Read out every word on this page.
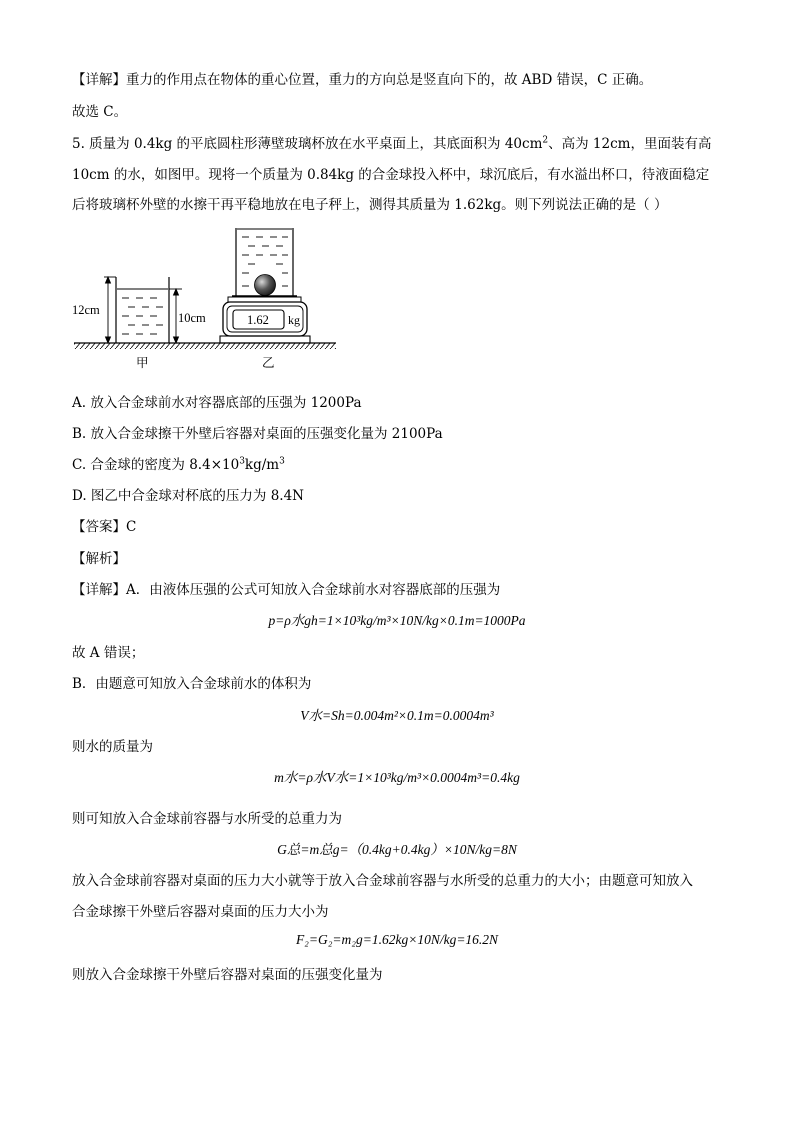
【详解】重力的作用点在物体的重心位置，重力的方向总是竖直向下的，故 ABD 错误，C 正确。
故选 C。
5. 质量为 0.4kg 的平底圆柱形薄壁玻璃杯放在水平桌面上，其底面积为 $40cm^2$、高为 12cm，里面装有高
10cm 的水，如图甲。现将一个质量为 0.84kg 的合金球投入杯中，球沉底后，有水溢出杯口，待液面稳定
后将玻璃杯外壁的水擦干再平稳地放在电子秤上，测得其质量为 1.62kg。则下列说法正确的是（ ）
12cm
10cm
甲
1.62 kg
乙
A. 放入合金球前水对容器底部的压强为 1200Pa
B. 放入合金球擦干外壁后容器对桌面的压强变化量为 2100Pa
C. 合金球的密度为 $8.4\times 10^3kg/m^3$
D. 图乙中合金球对杯底的压力为 8.4N
【答案】C
【解析】
【详解】A．由液体压强的公式可知放入合金球前水对容器底部的压强为
p=ρ水gh=1×10³kg/m³×10N/kg×0.1m=1000Pa
故 A 错误；
B．由题意可知放入合金球前水的体积为
V水=Sh=0.004m²×0.1m=0.0004m³
则水的质量为
m水=ρ水V水=1×10³kg/m³×0.0004m³=0.4kg
则可知放入合金球前容器与水所受的总重力为
G总=m总g=（0.4kg+0.4kg）×10N/kg=8N
放入合金球前容器对桌面的压力大小就等于放入合金球前容器与水所受的总重力的大小；由题意可知放入
合金球擦干外壁后容器对桌面的压力大小为
F₂=G₂=m₂g=1.62kg×10N/kg=16.2N
则放入合金球擦干外壁后容器对桌面的压强变化量为
